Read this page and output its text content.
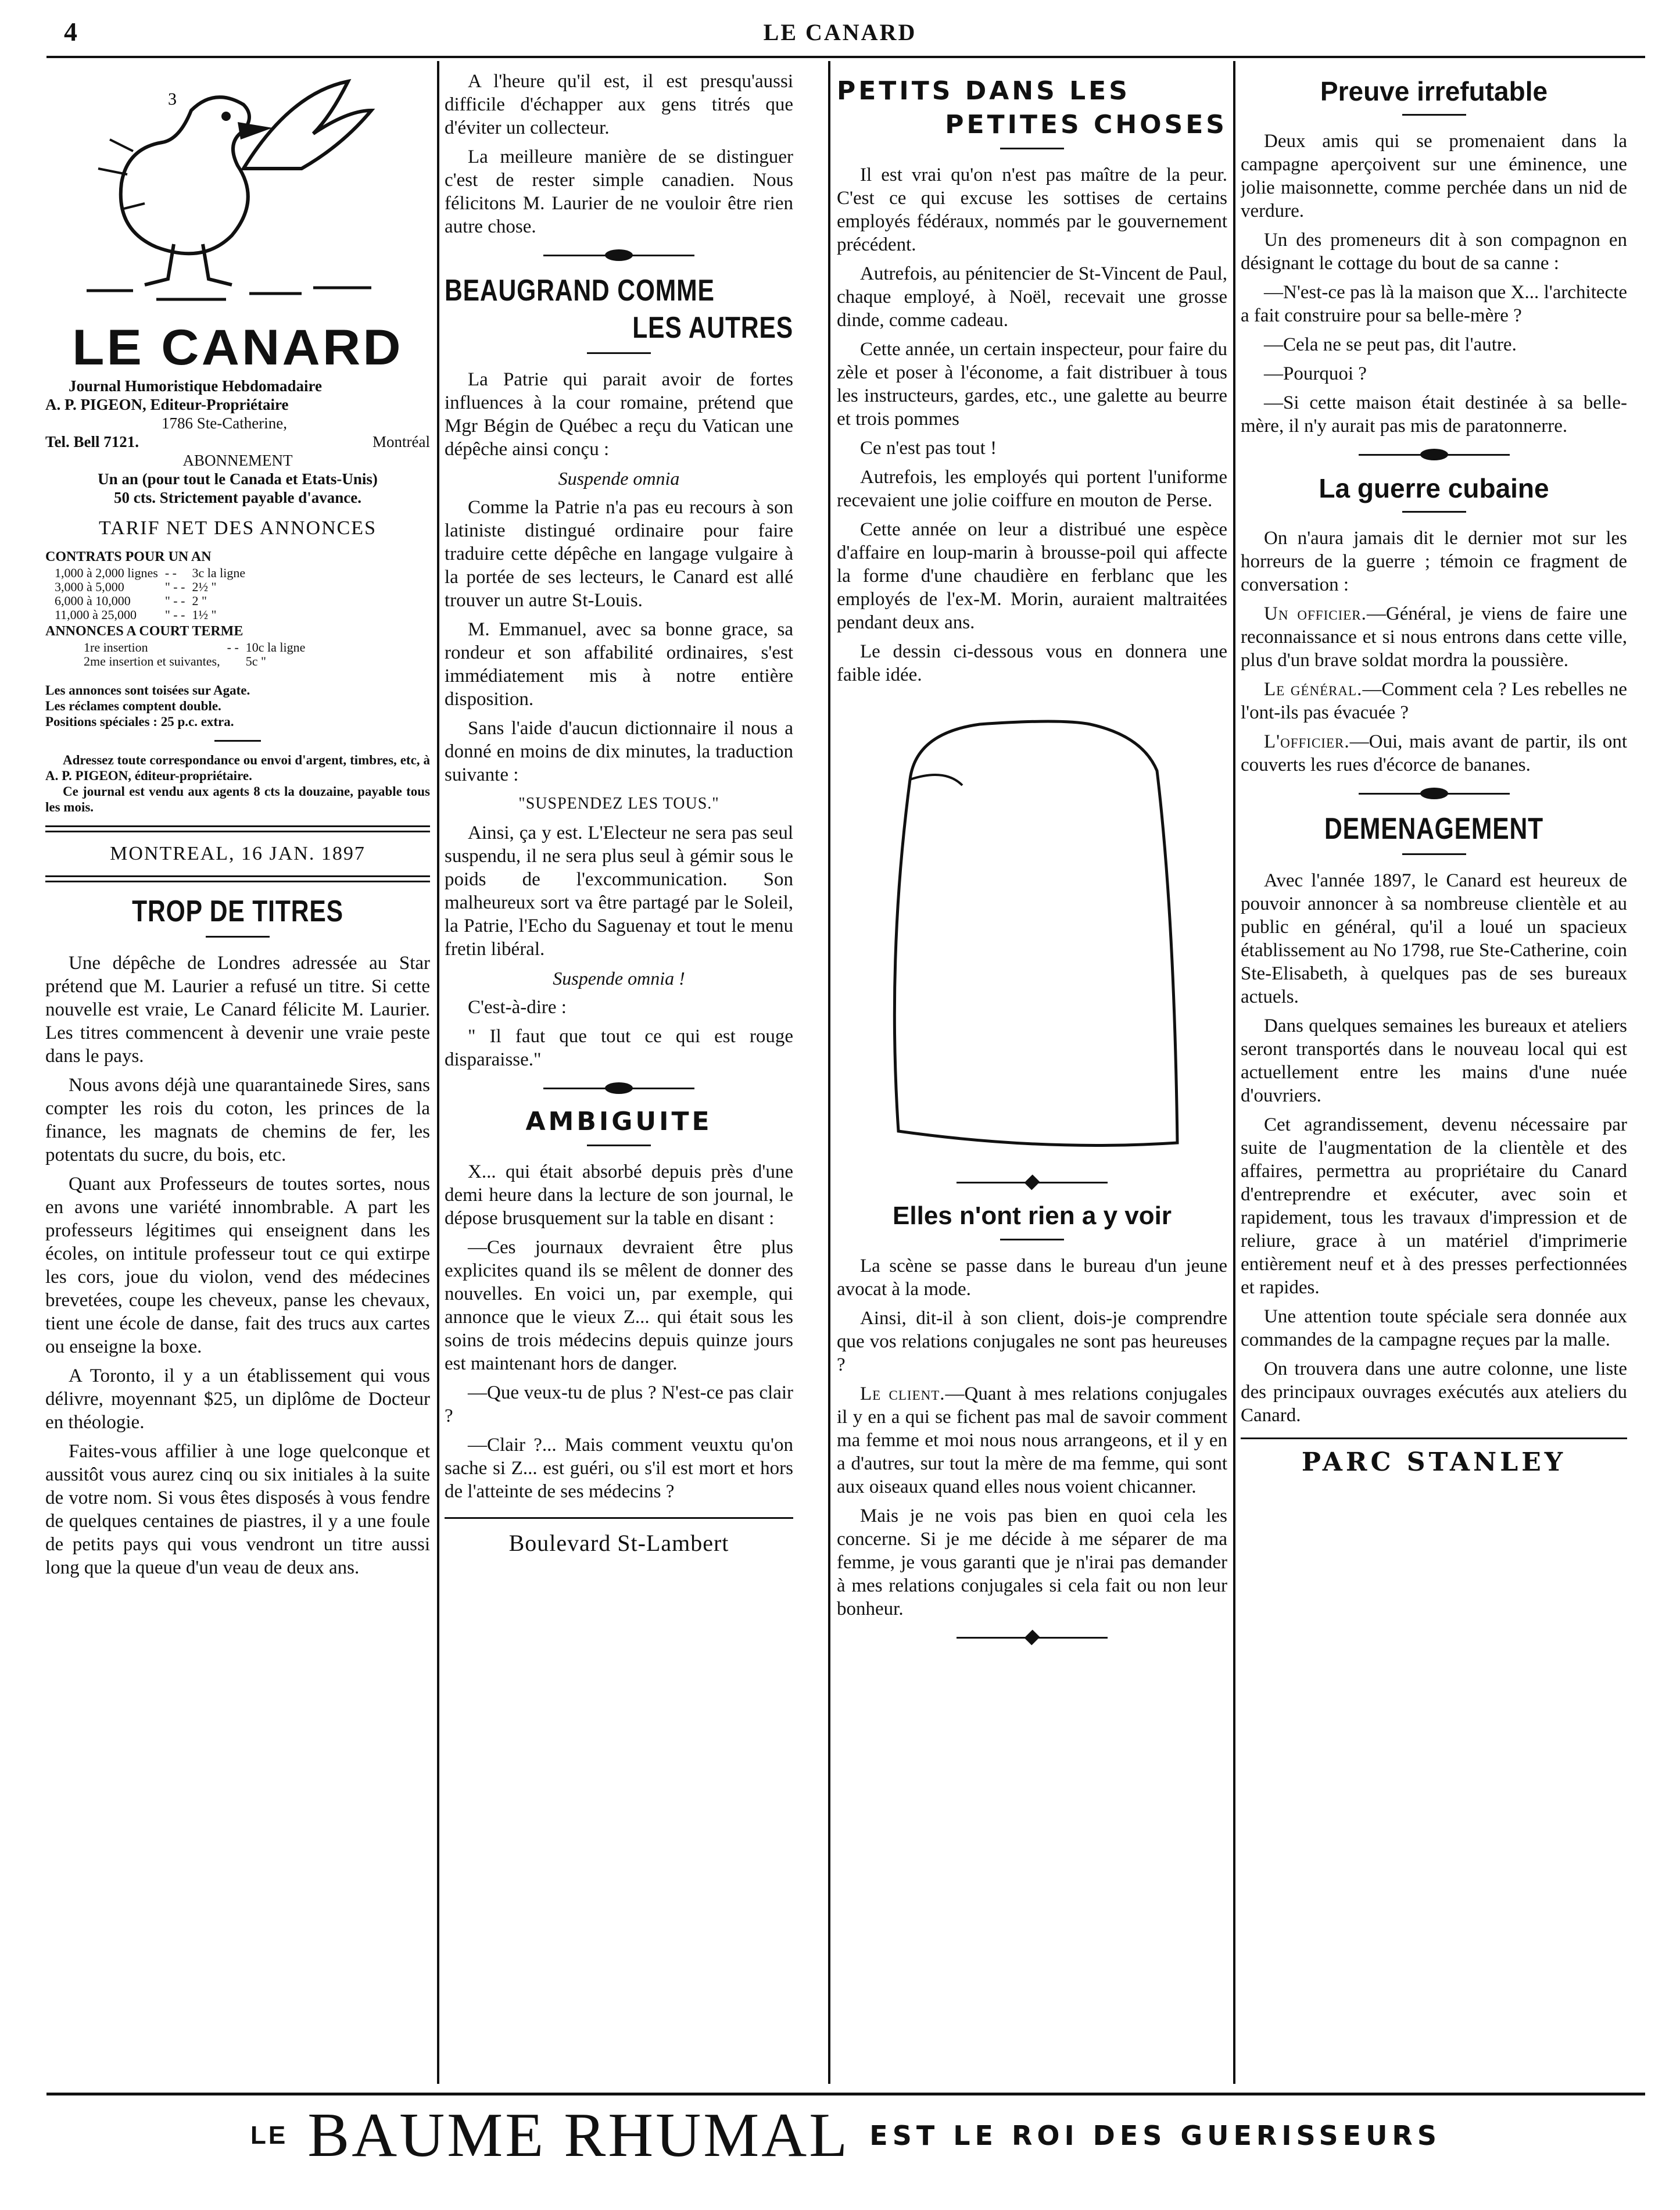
4	LE CANARD
3
LE CANARD

Journal Humoristique Hebdomadaire

A. P. PIGEON, Editeur-Propriétaire

1786 Ste-Catherine,

Tel. Bell 7121.	Montréal

ABONNEMENT

Un an (pour tout le Canada et Etats-Unis)

50 cts. Strictement payable d'avance.

TARIF NET DES ANNONCES

CONTRATS POUR UN AN

1,000 à 2,000 lignes	- -	3c la ligne
3,000 à 5,000	" - -	2½ "
6,000 à 10,000	" - -	2 "
11,000 à 25,000	" - -	1½ "

ANNONCES A COURT TERME

1re insertion	- -	10c la ligne
2me insertion et suivantes,		5c "

Les annonces sont toisées sur Agate.

Les réclames comptent double.

Positions spéciales : 25 p.c. extra.

Adressez toute correspondance ou envoi d'argent, timbres, etc, à A. P. PIGEON, éditeur-propriétaire.

Ce journal est vendu aux agents 8 cts la douzaine, payable tous les mois.

MONTREAL, 16 JAN. 1897
TROP DE TITRES

Une dépêche de Londres adressée au Star prétend que M. Laurier a refusé un titre. Si cette nouvelle est vraie, Le Canard félicite M. Laurier. Les titres commencent à devenir une vraie peste dans le pays.

Nous avons déjà une quarantainede Sires, sans compter les rois du coton, les princes de la finance, les magnats de chemins de fer, les potentats du sucre, du bois, etc.

Quant aux Professeurs de toutes sortes, nous en avons une variété innombrable. A part les professeurs légitimes qui enseignent dans les écoles, on intitule professeur tout ce qui extirpe les cors, joue du violon, vend des médecines brevetées, coupe les cheveux, panse les chevaux, tient une école de danse, fait des trucs aux cartes ou enseigne la boxe.

A Toronto, il y a un établissement qui vous délivre, moyennant $25, un diplôme de Docteur en théologie.

Faites-vous affilier à une loge quelconque et aussitôt vous aurez cinq ou six initiales à la suite de votre nom. Si vous êtes disposés à vous fendre de quelques centaines de piastres, il y a une foule de petits pays qui vous vendront un titre aussi long que la queue d'un veau de deux ans.

A l'heure qu'il est, il est presqu'aussi difficile d'échapper aux gens titrés que d'éviter un collecteur.

La meilleure manière de se distinguer c'est de rester simple canadien. Nous félicitons M. Laurier de ne vouloir être rien autre chose.

BEAUGRAND COMME
LES AUTRES

La Patrie qui parait avoir de fortes influences à la cour romaine, prétend que Mgr Bégin de Québec a reçu du Vatican une dépêche ainsi conçu :

Suspende omnia

Comme la Patrie n'a pas eu recours à son latiniste distingué ordinaire pour faire traduire cette dépêche en langage vulgaire à la portée de ses lecteurs, le Canard est allé trouver un autre St-Louis.

M. Emmanuel, avec sa bonne grace, sa rondeur et son affabilité ordinaires, s'est immédiatement mis à notre entière disposition.

Sans l'aide d'aucun dictionnaire il nous a donné en moins de dix minutes, la traduction suivante :

"SUSPENDEZ LES TOUS."

Ainsi, ça y est. L'Electeur ne sera pas seul suspendu, il ne sera plus seul à gémir sous le poids de l'excommunication. Son malheureux sort va être partagé par le Soleil, la Patrie, l'Echo du Saguenay et tout le menu fretin libéral.

Suspende omnia !

C'est-à-dire :

" Il faut que tout ce qui est rouge disparaisse."

AMBIGUITE

X... qui était absorbé depuis près d'une demi heure dans la lecture de son journal, le dépose brusquement sur la table en disant :

—Ces journaux devraient être plus explicites quand ils se mêlent de donner des nouvelles. En voici un, par exemple, qui annonce que le vieux Z... qui était sous les soins de trois médecins depuis quinze jours est maintenant hors de danger.

—Que veux-tu de plus ? N'est-ce pas clair ?

—Clair ?... Mais comment veuxtu qu'on sache si Z... est guéri, ou s'il est mort et hors de l'atteinte de ses médecins ?

Boulevard St-Lambert
PETITS DANS LES
PETITES CHOSES

Il est vrai qu'on n'est pas maître de la peur. C'est ce qui excuse les sottises de certains employés fédéraux, nommés par le gouvernement précédent.

Autrefois, au pénitencier de St-Vincent de Paul, chaque employé, à Noël, recevait une grosse dinde, comme cadeau.

Cette année, un certain inspecteur, pour faire du zèle et poser à l'économe, a fait distribuer à tous les instructeurs, gardes, etc., une galette au beurre et trois pommes

Ce n'est pas tout !

Autrefois, les employés qui portent l'uniforme recevaient une jolie coiffure en mouton de Perse.

Cette année on leur a distribué une espèce d'affaire en loup-marin à brousse-poil qui affecte la forme d'une chaudière en ferblanc que les employés de l'ex-M. Morin, auraient maltraitées pendant deux ans.

Le dessin ci-dessous vous en donnera une faible idée.

Elles n'ont rien a y voir

La scène se passe dans le bureau d'un jeune avocat à la mode.

Ainsi, dit-il à son client, dois-je comprendre que vos relations conjugales ne sont pas heureuses ?

Le client.—Quant à mes relations conjugales il y en a qui se fichent pas mal de savoir comment ma femme et moi nous nous arrangeons, et il y en a d'autres, sur tout la mère de ma femme, qui sont aux oiseaux quand elles nous voient chicanner.

Mais je ne vois pas bien en quoi cela les concerne. Si je me décide à me séparer de ma femme, je vous garanti que je n'irai pas demander à mes relations conjugales si cela fait ou non leur bonheur.

Preuve irrefutable

Deux amis qui se promenaient dans la campagne aperçoivent sur une éminence, une jolie maisonnette, comme perchée dans un nid de verdure.

Un des promeneurs dit à son compagnon en désignant le cottage du bout de sa canne :

—N'est-ce pas là la maison que X... l'architecte a fait construire pour sa belle-mère ?

—Cela ne se peut pas, dit l'autre.

—Pourquoi ?

—Si cette maison était destinée à sa belle-mère, il n'y aurait pas mis de paratonnerre.

La guerre cubaine

On n'aura jamais dit le dernier mot sur les horreurs de la guerre ; témoin ce fragment de conversation :

Un officier.—Général, je viens de faire une reconnaissance et si nous entrons dans cette ville, plus d'un brave soldat mordra la poussière.

Le général.—Comment cela ? Les rebelles ne l'ont-ils pas évacuée ?

L'officier.—Oui, mais avant de partir, ils ont couverts les rues d'écorce de bananes.

DEMENAGEMENT

Avec l'année 1897, le Canard est heureux de pouvoir annoncer à sa nombreuse clientèle et au public en général, qu'il a loué un spacieux établissement au No 1798, rue Ste-Catherine, coin Ste-Elisabeth, à quelques pas de ses bureaux actuels.

Dans quelques semaines les bureaux et ateliers seront transportés dans le nouveau local qui est actuellement entre les mains d'une nuée d'ouvriers.

Cet agrandissement, devenu nécessaire par suite de l'augmentation de la clientèle et des affaires, permettra au propriétaire du Canard d'entreprendre et exécuter, avec soin et rapidement, tous les travaux d'impression et de reliure, grace à un matériel d'imprimerie entièrement neuf et à des presses perfectionnées et rapides.

Une attention toute spéciale sera donnée aux commandes de la campagne reçues par la malle.

On trouvera dans une autre colonne, une liste des principaux ouvrages exécutés aux ateliers du Canard.

PARC STANLEY
LE BAUME RHUMAL EST LE ROI DES GUERISSEURS
